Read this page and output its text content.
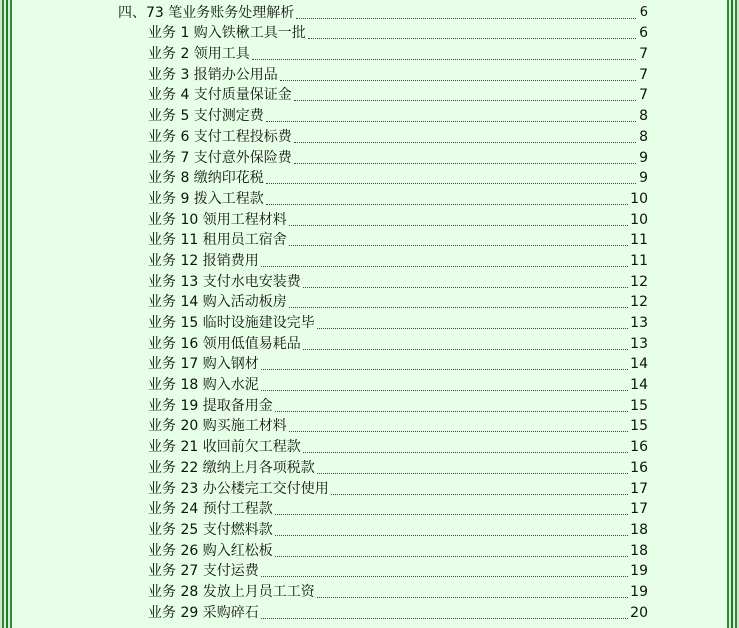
四、73 笔业务账务处理解析	6
业务 1 购入铁楸工具一批	6
业务 2 领用工具	7
业务 3 报销办公用品	7
业务 4 支付质量保证金	7
业务 5 支付测定费	8
业务 6 支付工程投标费	8
业务 7 支付意外保险费	9
业务 8 缴纳印花税	9
业务 9 拨入工程款	10
业务 10 领用工程材料	10
业务 11 租用员工宿舍	11
业务 12 报销费用	11
业务 13 支付水电安装费	12
业务 14 购入活动板房	12
业务 15 临时设施建设完毕	13
业务 16 领用低值易耗品	13
业务 17 购入钢材	14
业务 18 购入水泥	14
业务 19 提取备用金	15
业务 20 购买施工材料	15
业务 21 收回前欠工程款	16
业务 22 缴纳上月各项税款	16
业务 23 办公楼完工交付使用	17
业务 24 预付工程款	17
业务 25 支付燃料款	18
业务 26 购入红松板	18
业务 27 支付运费	19
业务 28 发放上月员工工资	19
业务 29 采购碎石	20
